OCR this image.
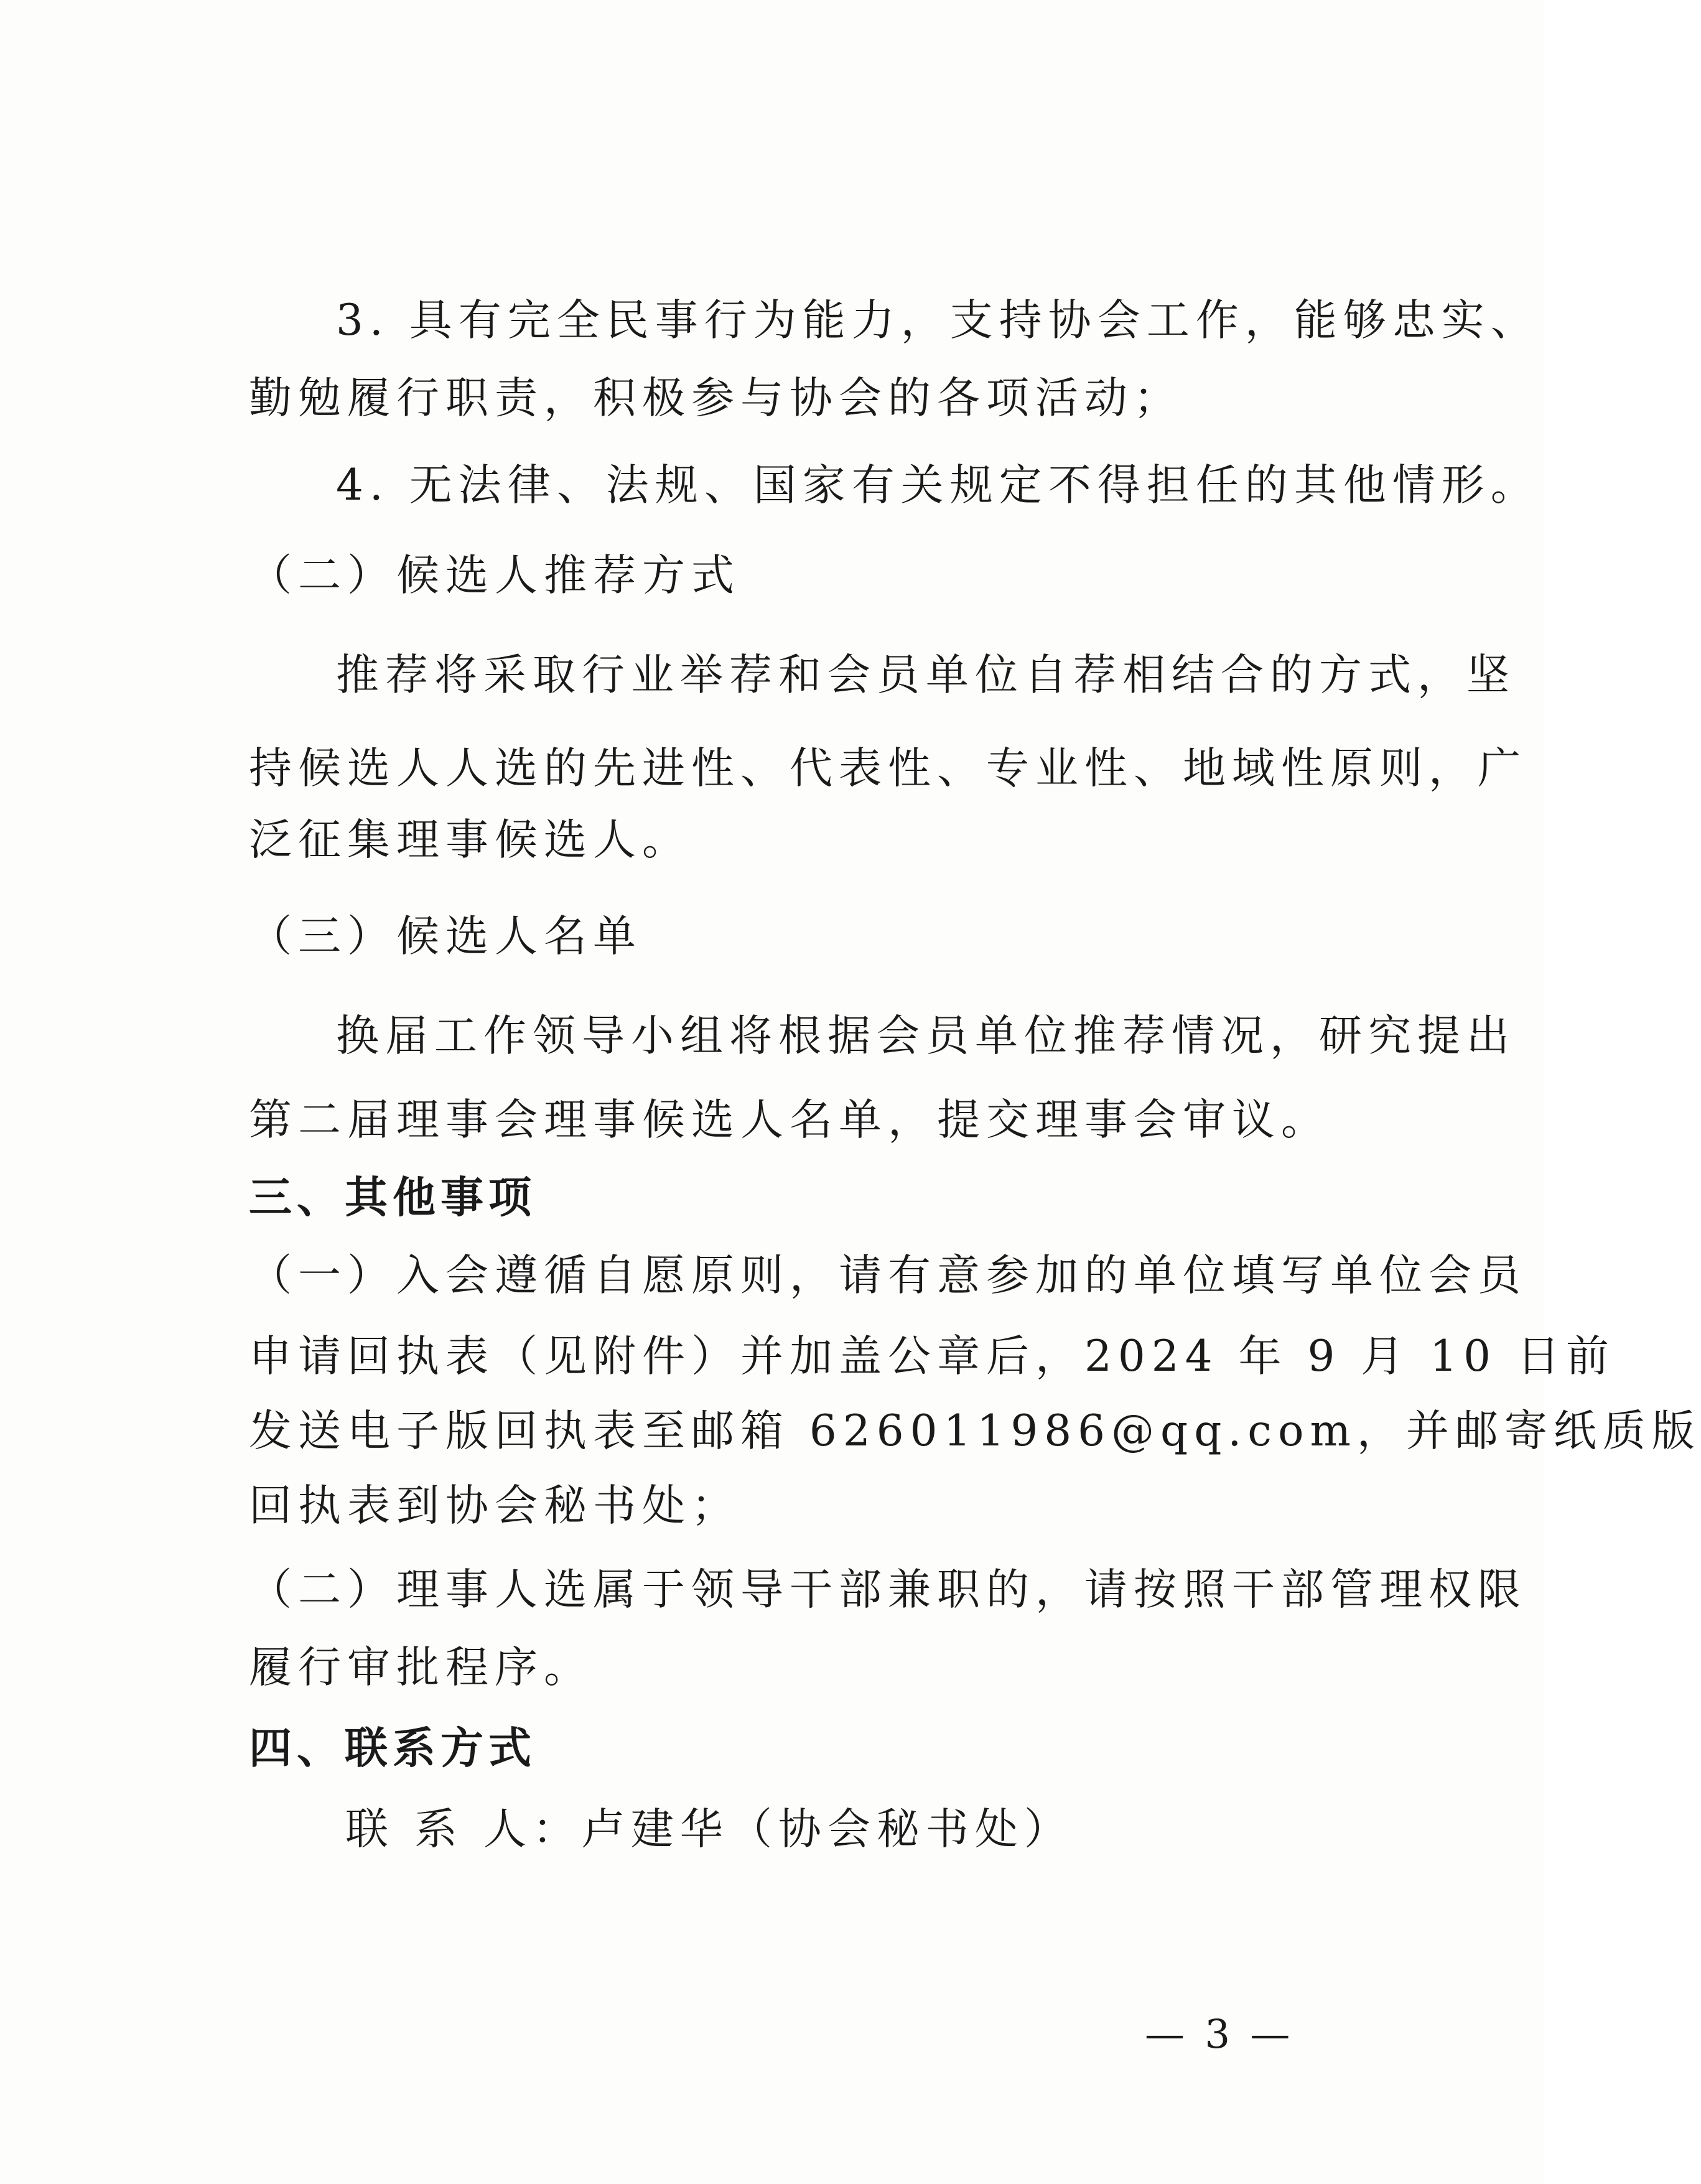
3. 具有完全民事行为能力，支持协会工作，能够忠实、
勤勉履行职责，积极参与协会的各项活动；
4. 无法律、法规、国家有关规定不得担任的其他情形。
（二）候选人推荐方式
推荐将采取行业举荐和会员单位自荐相结合的方式，坚
持候选人人选的先进性、代表性、专业性、地域性原则，广
泛征集理事候选人。
（三）候选人名单
换届工作领导小组将根据会员单位推荐情况，研究提出
第二届理事会理事候选人名单，提交理事会审议。
三、其他事项
（一）入会遵循自愿原则，请有意参加的单位填写单位会员
申请回执表（见附件）并加盖公章后，2024 年 9 月 10 日前
发送电子版回执表至邮箱 626011986@qq.com，并邮寄纸质版
回执表到协会秘书处；
（二）理事人选属于领导干部兼职的，请按照干部管理权限
履行审批程序。
四、联系方式
联 系 人：卢建华（协会秘书处）
— 3 —
